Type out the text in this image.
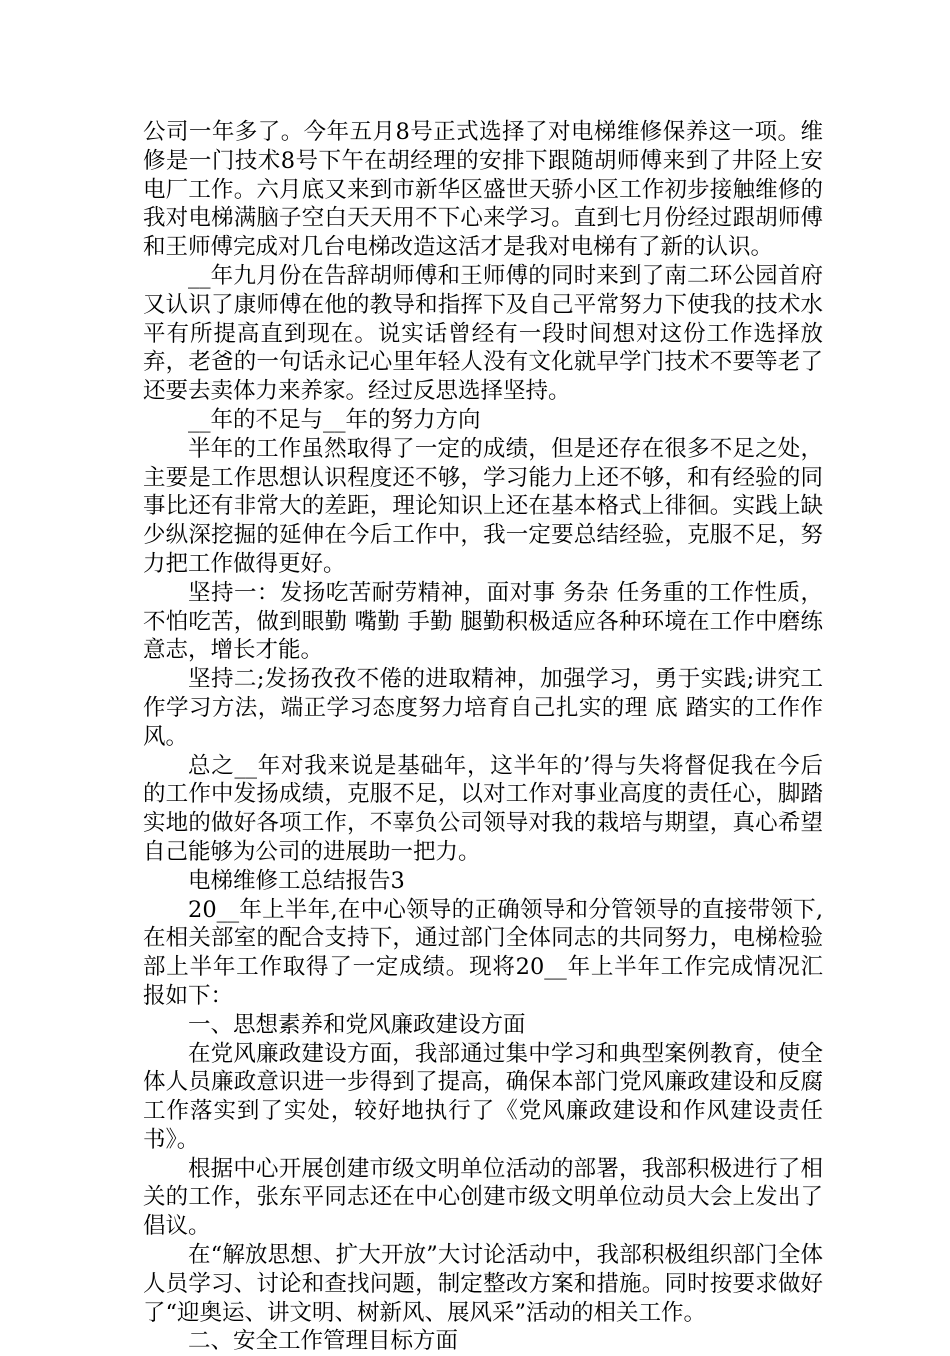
公司一年多了。今年五月8号正式选择了对电梯维修保养这一项。维修是一门技术8号下午在胡经理的安排下跟随胡师傅来到了井陉上安电厂工作。六月底又来到市新华区盛世天骄小区工作初步接触维修的我对电梯满脑子空白天天用不下心来学习。直到七月份经过跟胡师傅和王师傅完成对几台电梯改造这活才是我对电梯有了新的认识。

__年九月份在告辞胡师傅和王师傅的同时来到了南二环公园首府又认识了康师傅在他的教导和指挥下及自己平常努力下使我的技术水平有所提高直到现在。说实话曾经有一段时间想对这份工作选择放弃，老爸的一句话永记心里年轻人没有文化就早学门技术不要等老了还要去卖体力来养家。经过反思选择坚持。

__年的不足与__年的努力方向

半年的工作虽然取得了一定的成绩，但是还存在很多不足之处，主要是工作思想认识程度还不够，学习能力上还不够，和有经验的同事比还有非常大的差距，理论知识上还在基本格式上徘徊。实践上缺少纵深挖掘的延伸在今后工作中，我一定要总结经验，克服不足，努力把工作做得更好。

坚持一：发扬吃苦耐劳精神，面对事 务杂 任务重的工作性质，不怕吃苦，做到眼勤 嘴勤 手勤 腿勤积极适应各种环境在工作中磨练意志，增长才能。

坚持二;发扬孜孜不倦的进取精神，加强学习，勇于实践;讲究工作学习方法，端正学习态度努力培育自己扎实的理 底 踏实的工作作风。

总之__年对我来说是基础年，这半年的’得与失将督促我在今后的工作中发扬成绩，克服不足，以对工作对事业高度的责任心，脚踏实地的做好各项工作，不辜负公司领导对我的栽培与期望，真心希望自己能够为公司的进展助一把力。

电梯维修工总结报告3

20__年上半年,在中心领导的正确领导和分管领导的直接带领下,在相关部室的配合支持下，通过部门全体同志的共同努力，电梯检验部上半年工作取得了一定成绩。现将20__年上半年工作完成情况汇报如下：

一、思想素养和党风廉政建设方面

在党风廉政建设方面，我部通过集中学习和典型案例教育，使全体人员廉政意识进一步得到了提高，确保本部门党风廉政建设和反腐工作落实到了实处，较好地执行了《党风廉政建设和作风建设责任书》。

根据中心开展创建市级文明单位活动的部署，我部积极进行了相关的工作，张东平同志还在中心创建市级文明单位动员大会上发出了倡议。

在“解放思想、扩大开放”大讨论活动中，我部积极组织部门全体人员学习、讨论和查找问题，制定整改方案和措施。同时按要求做好了“迎奥运、讲文明、树新风、展风采”活动的相关工作。

二、安全工作管理目标方面
